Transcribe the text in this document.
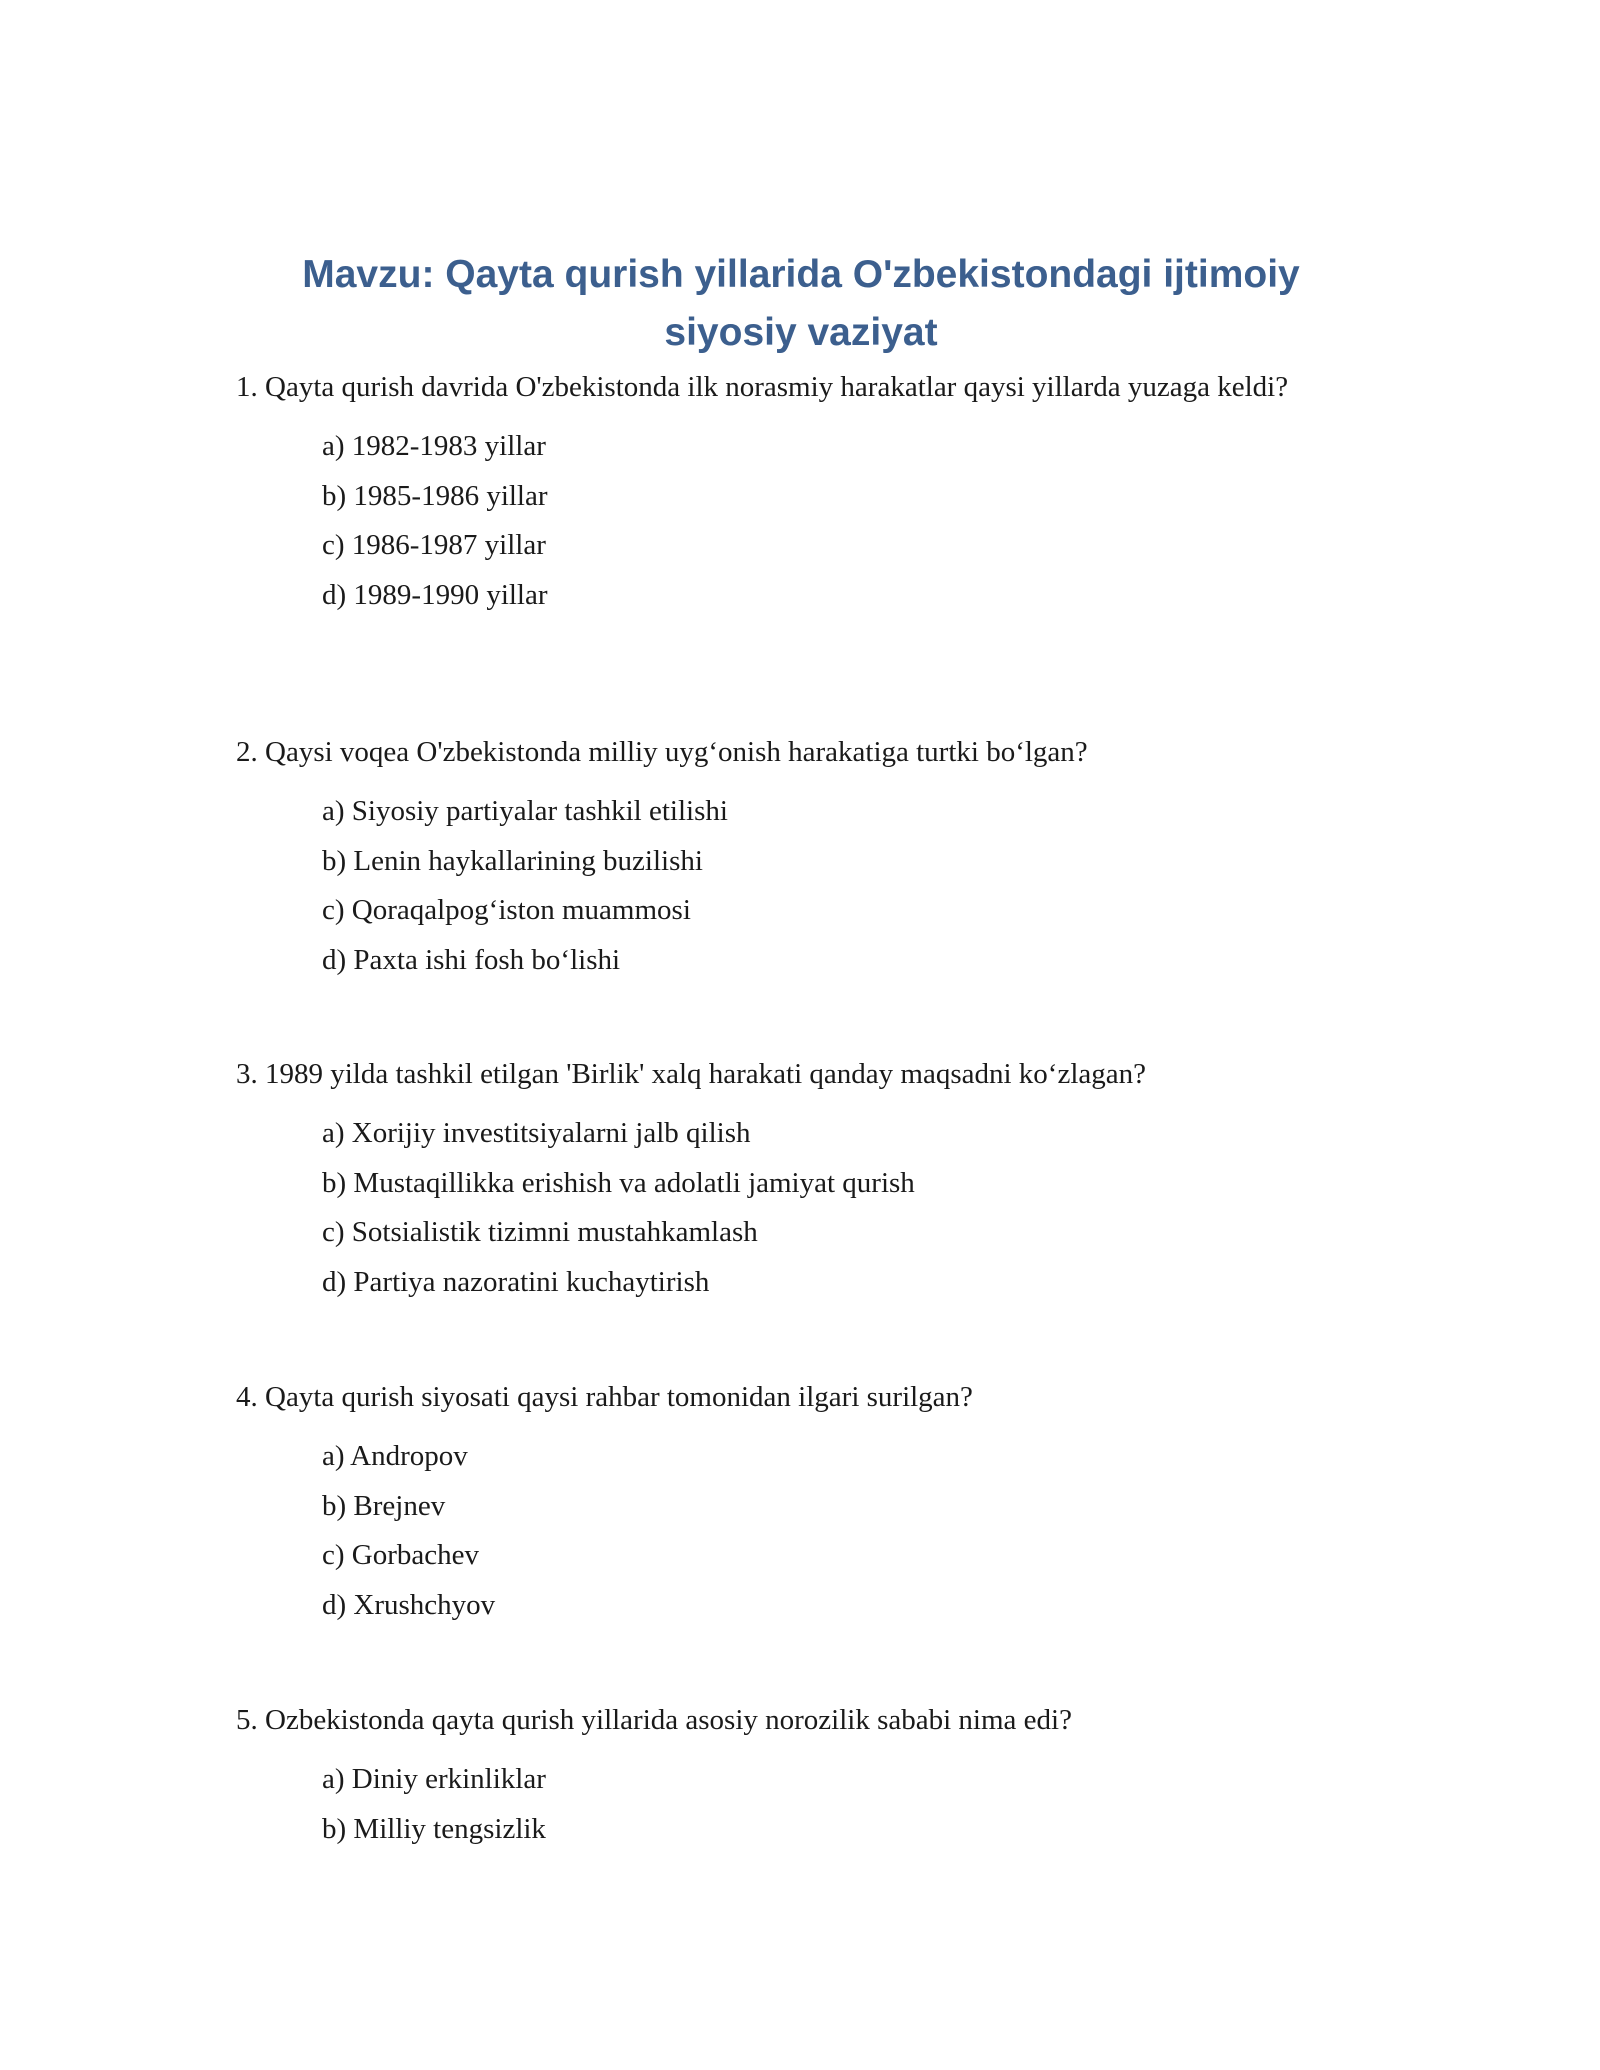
Mavzu: Qayta qurish yillarida O'zbekistondagi ijtimoiy siyosiy vaziyat

1. Qayta qurish davrida O'zbekistonda ilk norasmiy harakatlar qaysi yillarda yuzaga keldi?

a) 1982-1983 yillar
b) 1985-1986 yillar
c) 1986-1987 yillar
d) 1989-1990 yillar

2. Qaysi voqea O'zbekistonda milliy uyg‘onish harakatiga turtki bo‘lgan?

a) Siyosiy partiyalar tashkil etilishi
b) Lenin haykallarining buzilishi
c) Qoraqalpog‘iston muammosi
d) Paxta ishi fosh bo‘lishi

3. 1989 yilda tashkil etilgan 'Birlik' xalq harakati qanday maqsadni ko‘zlagan?

a) Xorijiy investitsiyalarni jalb qilish
b) Mustaqillikka erishish va adolatli jamiyat qurish
c) Sotsialistik tizimni mustahkamlash
d) Partiya nazoratini kuchaytirish

4. Qayta qurish siyosati qaysi rahbar tomonidan ilgari surilgan?

a) Andropov
b) Brejnev
c) Gorbachev
d) Xrushchyov

5. Ozbekistonda qayta qurish yillarida asosiy norozilik sababi nima edi?

a) Diniy erkinliklar
b) Milliy tengsizlik
